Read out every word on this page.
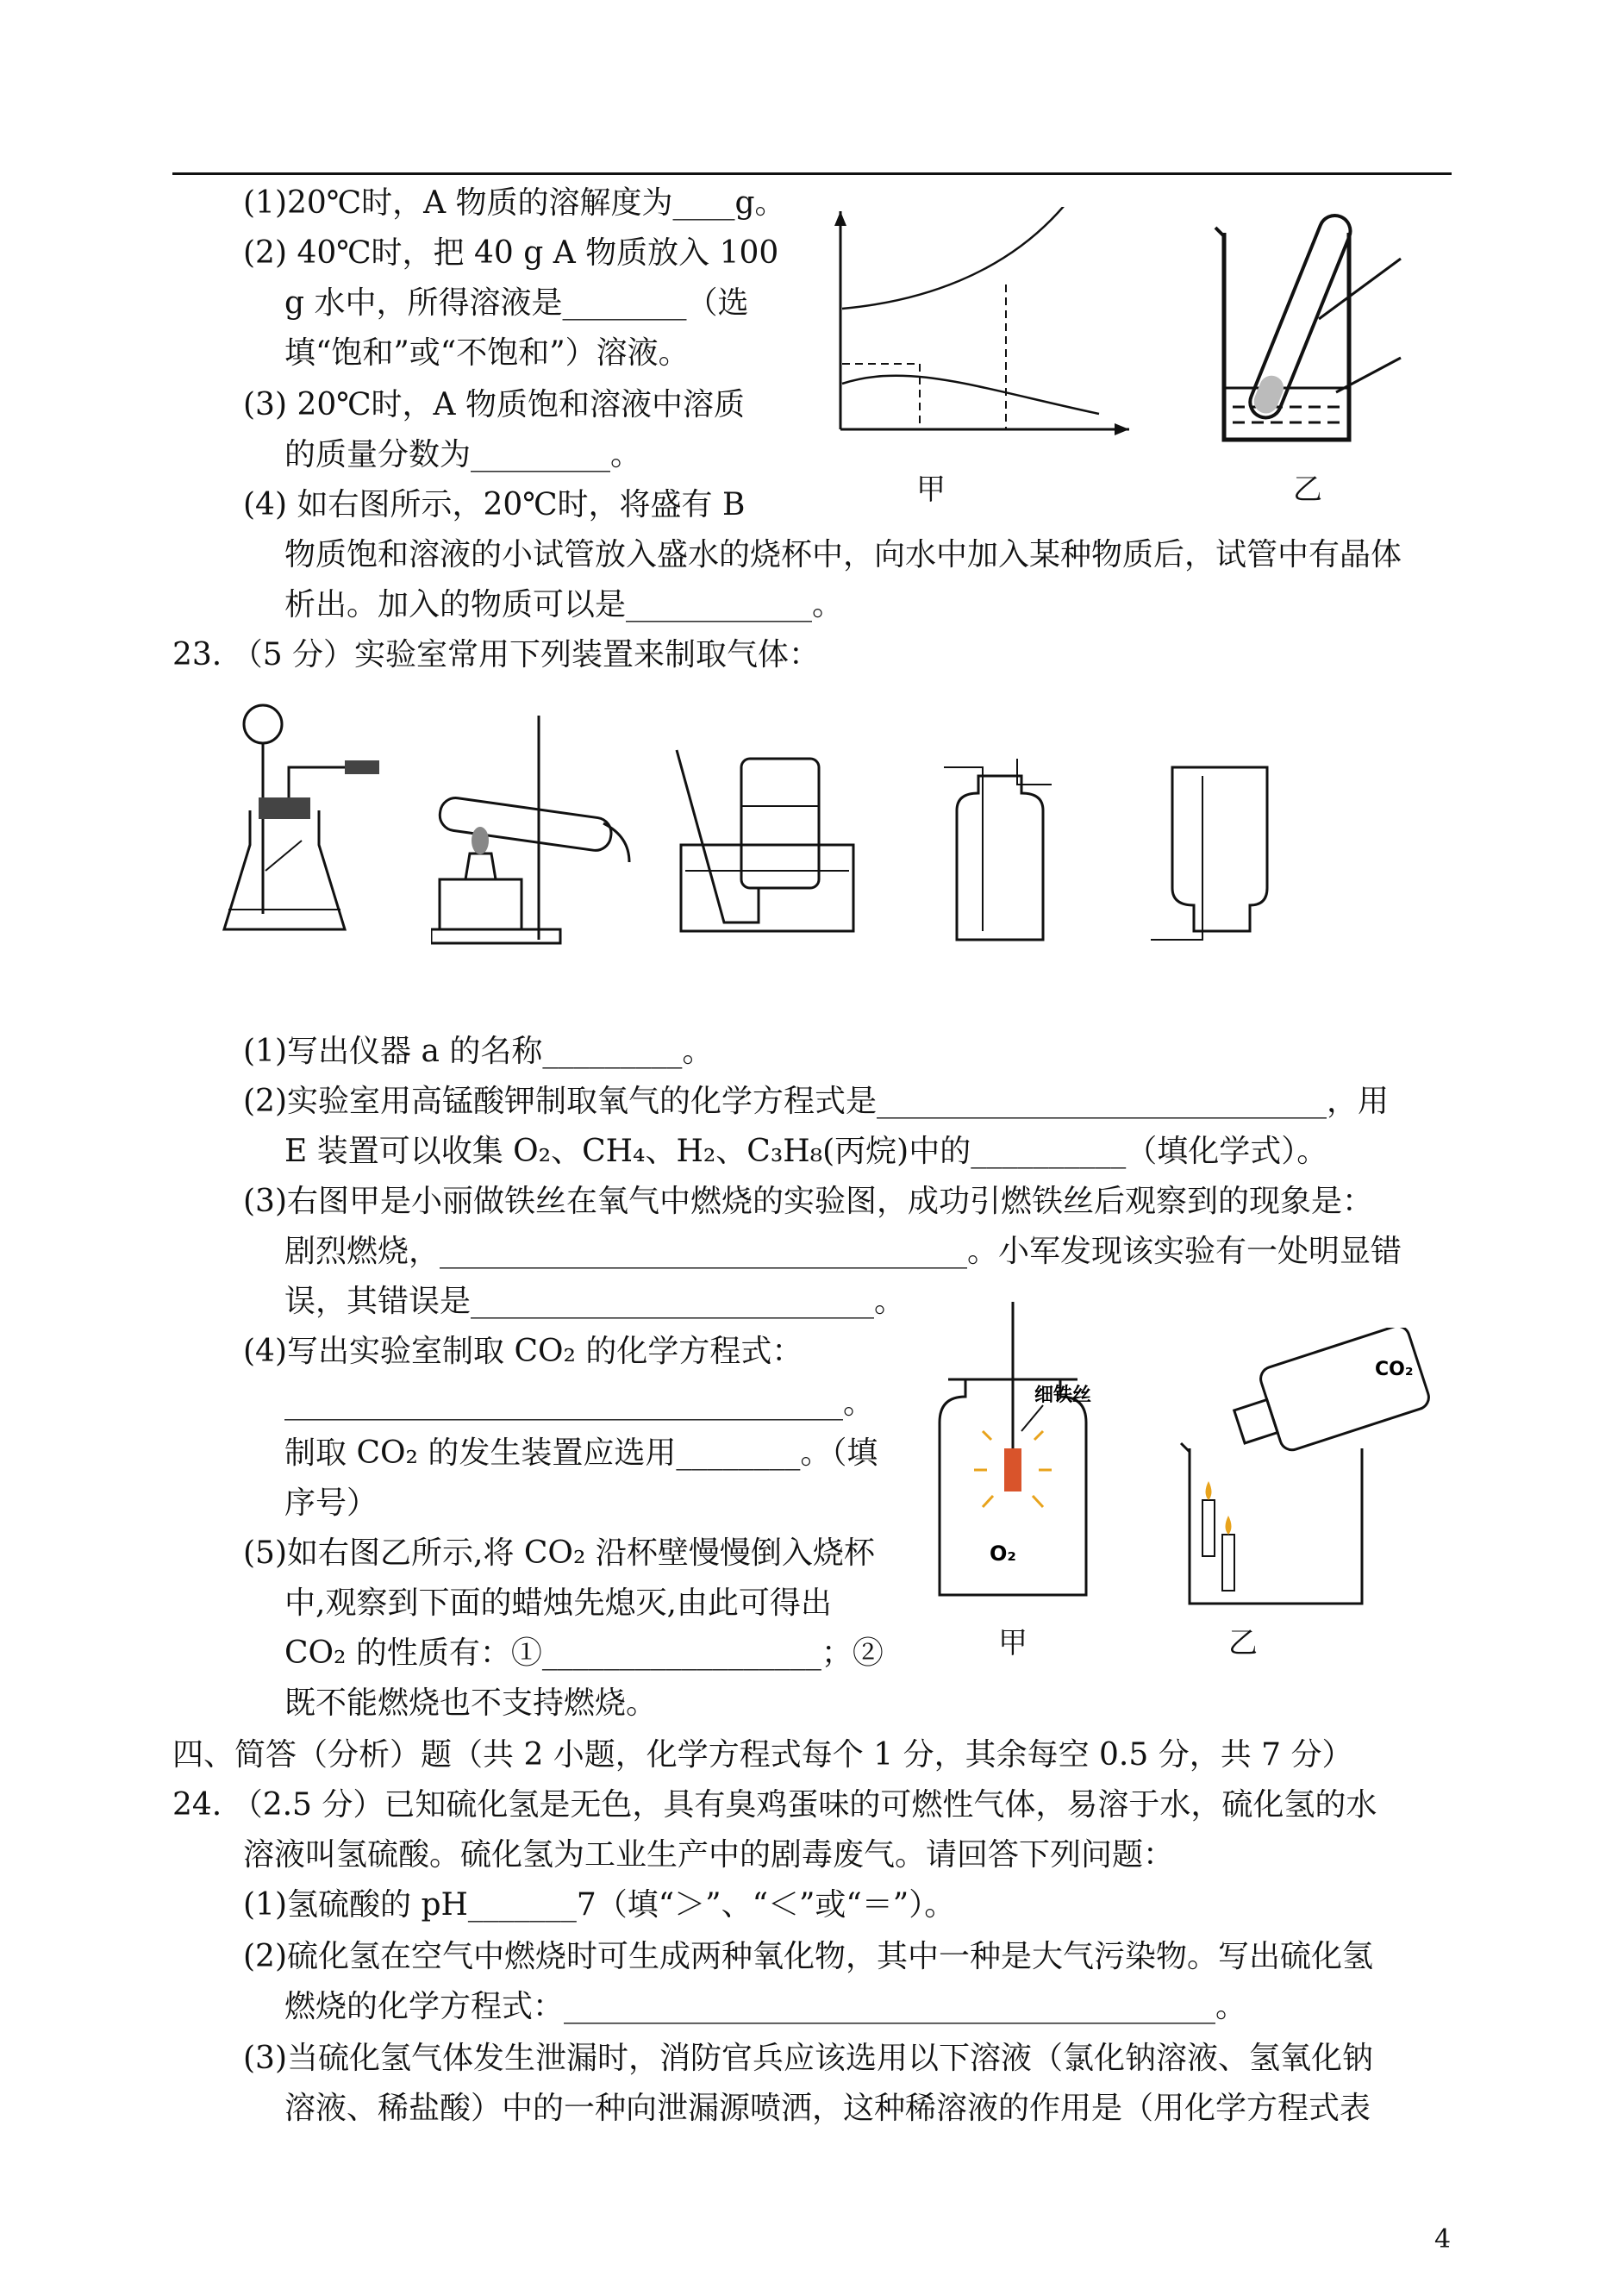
(1)20℃时，A 物质的溶解度为____g。
(2) 40℃时，把 40 g A 物质放入 100
g 水中，所得溶液是________（选
填“饱和”或“不饱和”）溶液。
(3) 20℃时，A 物质饱和溶液中溶质
的质量分数为_________。
(4) 如右图所示，20℃时，将盛有 B
物质饱和溶液的小试管放入盛水的烧杯中，向水中加入某种物质后，试管中有晶体
析出。加入的物质可以是____________。
甲	乙
23. （5 分）实验室常用下列装置来制取气体：
(1)写出仪器 a 的名称_________。
(2)实验室用高锰酸钾制取氧气的化学方程式是_____________________________，用
E 装置可以收集 O₂、CH₄、H₂、C₃H₈(丙烷)中的__________（填化学式）。
(3)右图甲是小丽做铁丝在氧气中燃烧的实验图，成功引燃铁丝后观察到的现象是：
剧烈燃烧，__________________________________。小军发现该实验有一处明显错
误，其错误是__________________________。
(4)写出实验室制取 CO₂ 的化学方程式：
____________________________________。
制取 CO₂ 的发生装置应选用________。（填
序号）
(5)如右图乙所示,将 CO₂ 沿杯壁慢慢倒入烧杯
中,观察到下面的蜡烛先熄灭,由此可得出
CO₂ 的性质有：①__________________；②
既不能燃烧也不支持燃烧。
细铁丝
O₂
甲
CO₂
乙
四、简答（分析）题（共 2 小题，化学方程式每个 1 分，其余每空 0.5 分，共 7 分）
24. （2.5 分）已知硫化氢是无色，具有臭鸡蛋味的可燃性气体，易溶于水，硫化氢的水
溶液叫氢硫酸。硫化氢为工业生产中的剧毒废气。请回答下列问题：
(1)氢硫酸的 pH_______7（填“＞”、“＜”或“＝”）。
(2)硫化氢在空气中燃烧时可生成两种氧化物，其中一种是大气污染物。写出硫化氢
燃烧的化学方程式：__________________________________________。
(3)当硫化氢气体发生泄漏时，消防官兵应该选用以下溶液（氯化钠溶液、氢氧化钠
溶液、稀盐酸）中的一种向泄漏源喷洒，这种稀溶液的作用是（用化学方程式表
4
